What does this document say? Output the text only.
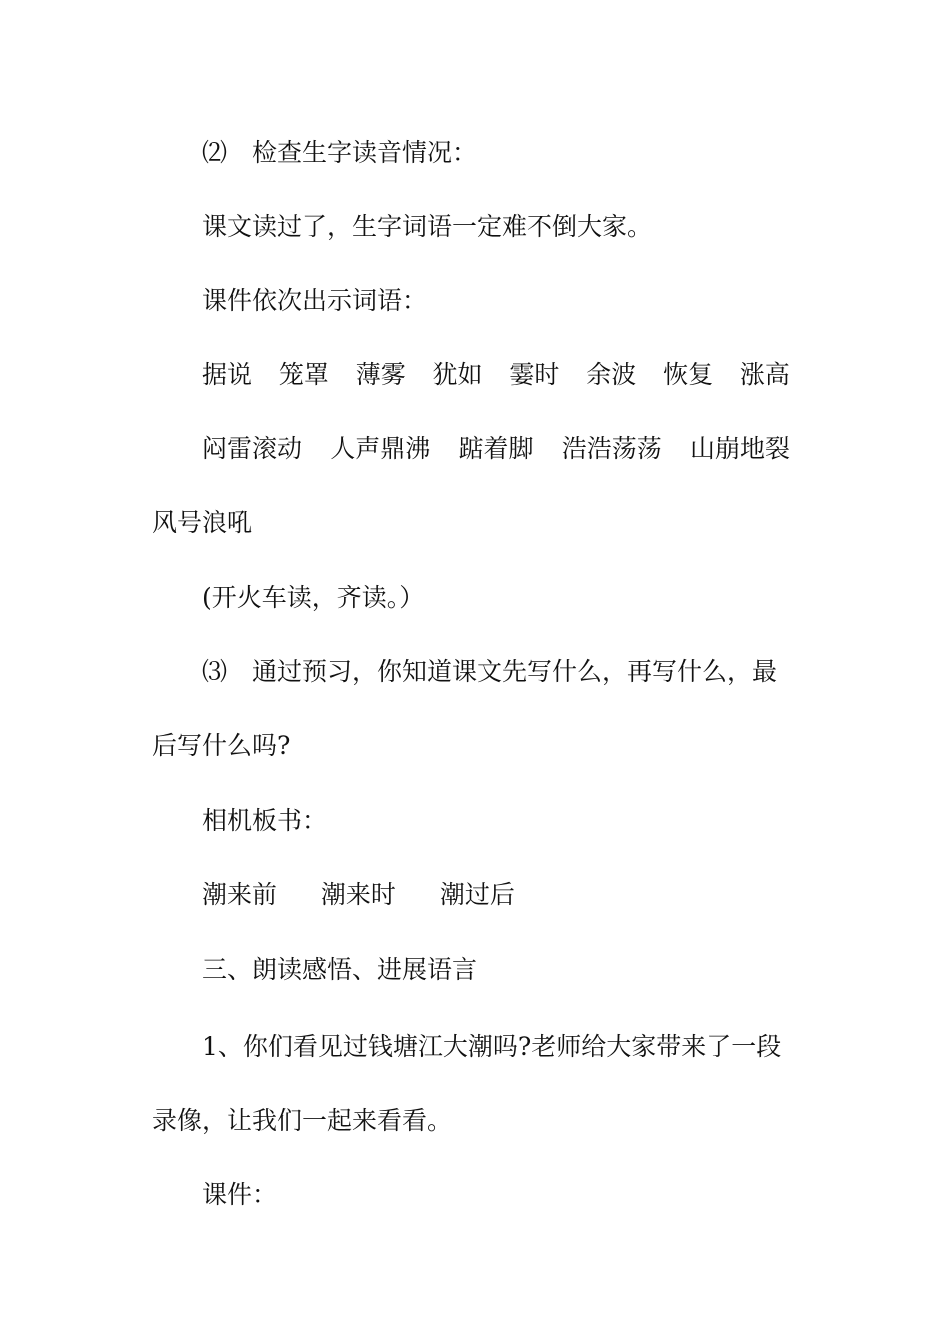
⑵　检查生字读音情况：

课文读过了，生字词语一定难不倒大家。

课件依次出示词语：

据说 笼罩 薄雾 犹如 霎时 余波 恢复 涨高
闷雷滚动 人声鼎沸 踮着脚 浩浩荡荡 山崩地裂

风号浪吼

(开火车读，齐读。）

⑶　通过预习，你知道课文先写什么，再写什么，最

后写什么吗?

相机板书：

潮来前 潮来时 潮过后

三、朗读感悟、进展语言

1、你们看见过钱塘江大潮吗?老师给大家带来了一段

录像，让我们一起来看看。

课件：
